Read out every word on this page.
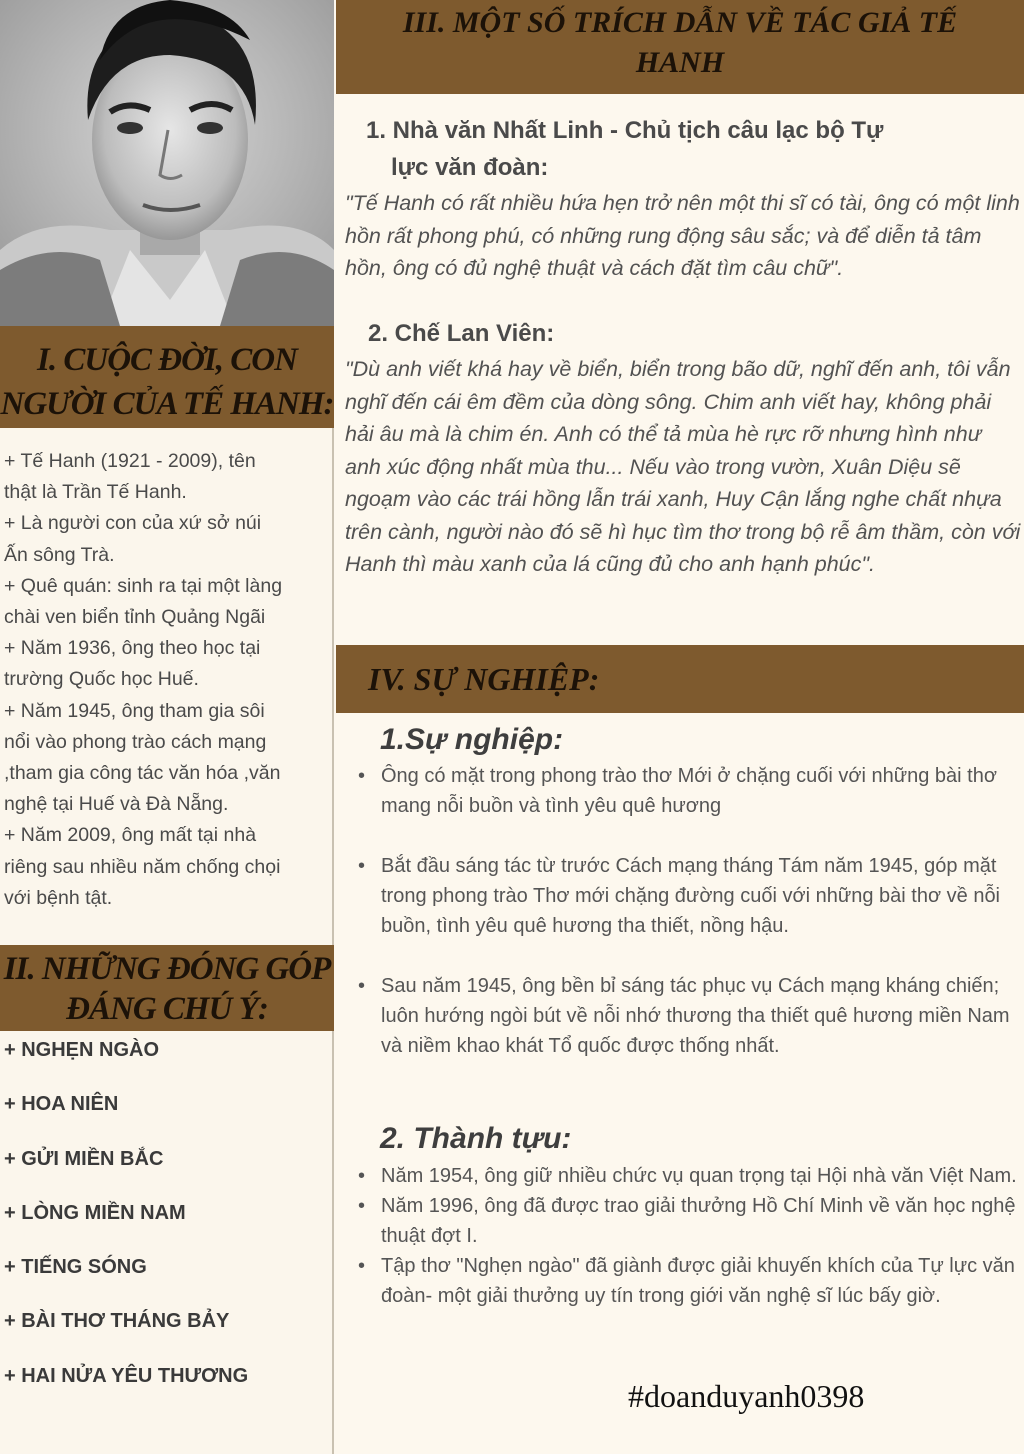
I. CUỘC ĐỜI, CON
NGƯỜI CỦA TẾ HANH:
+ Tế Hanh (1921 - 2009), tên
thật là Trần Tế Hanh.
+ Là người con của xứ sở núi
Ấn sông Trà.
+ Quê quán: sinh ra tại một làng
chài ven biển tỉnh Quảng Ngãi
+ Năm 1936, ông theo học tại
trường Quốc học Huế.
+ Năm 1945, ông tham gia sôi
nổi vào phong trào cách mạng
,tham gia công tác văn hóa ,văn
nghệ tại Huế và Đà Nẵng.
+ Năm 2009, ông mất tại nhà
riêng sau nhiều năm chống chọi
với bệnh tật.
II. NHỮNG ĐÓNG GÓP
ĐÁNG CHÚ Ý:
+ NGHẸN NGÀO
+ HOA NIÊN
+ GỬI MIỀN BẮC
+ LÒNG MIỀN NAM
+ TIẾNG SÓNG
+ BÀI THƠ THÁNG BẢY
+ HAI NỬA YÊU THƯƠNG
III. MỘT SỐ TRÍCH DẪN VỀ TÁC GIẢ TẾ
HANH
1. Nhà văn Nhất Linh - Chủ tịch câu lạc bộ Tự
lực văn đoàn:
"Tế Hanh có rất nhiều hứa hẹn trở nên một thi sĩ có tài, ông có một linh hồn rất phong phú, có những rung động sâu sắc; và để diễn tả tâm hồn, ông có đủ nghệ thuật và cách đặt tìm câu chữ".
2. Chế Lan Viên:
"Dù anh viết khá hay về biển, biển trong bão dữ, nghĩ đến anh, tôi vẫn nghĩ đến cái êm đềm của dòng sông. Chim anh viết hay, không phải hải âu mà là chim én. Anh có thể tả mùa hè rực rỡ nhưng hình như anh xúc động nhất mùa thu... Nếu vào trong vườn, Xuân Diệu sẽ ngoạm vào các trái hồng lẫn trái xanh, Huy Cận lắng nghe chất nhựa trên cành, người nào đó sẽ hì hục tìm thơ trong bộ rễ âm thầm, còn với Hanh thì màu xanh của lá cũng đủ cho anh hạnh phúc".
IV. SỰ NGHIỆP:
1.Sự nghiệp:
• Ông có mặt trong phong trào thơ Mới ở chặng cuối với những bài thơ mang nỗi buồn và tình yêu quê hương
• Bắt đầu sáng tác từ trước Cách mạng tháng Tám năm 1945, góp mặt trong phong trào Thơ mới chặng đường cuối với những bài thơ về nỗi buồn, tình yêu quê hương tha thiết, nồng hậu.
• Sau năm 1945, ông bền bỉ sáng tác phục vụ Cách mạng kháng chiến; luôn hướng ngòi bút về nỗi nhớ thương tha thiết quê hương miền Nam và niềm khao khát Tổ quốc được thống nhất.
2. Thành tựu:
• Năm 1954, ông giữ nhiều chức vụ quan trọng tại Hội nhà văn Việt Nam.
• Năm 1996, ông đã được trao giải thưởng Hồ Chí Minh về văn học nghệ thuật đợt I.
• Tập thơ "Nghẹn ngào" đã giành được giải khuyến khích của Tự lực văn đoàn- một giải thưởng uy tín trong giới văn nghệ sĩ lúc bấy giờ.
#doanduyanh0398
